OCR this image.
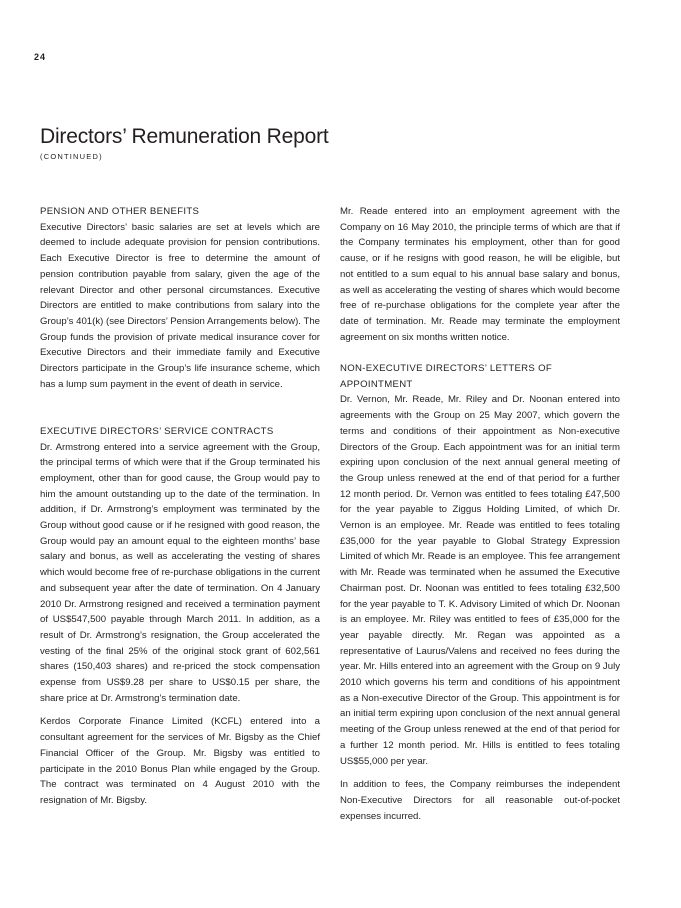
24
Directors’ Remuneration Report
(CONTINUED)
PENSION AND OTHER BENEFITS

Executive Directors’ basic salaries are set at levels which are deemed to include adequate provision for pension contributions. Each Executive Director is free to determine the amount of pension contribution payable from salary, given the age of the relevant Director and other personal circumstances. Executive Directors are entitled to make contributions from salary into the Group’s 401(k) (see Directors’ Pension Arrangements below). The Group funds the provision of private medical insurance cover for Executive Directors and their immediate family and Executive Directors participate in the Group’s life insurance scheme, which has a lump sum payment in the event of death in service.

EXECUTIVE DIRECTORS’ SERVICE CONTRACTS

Dr. Armstrong entered into a service agreement with the Group, the principal terms of which were that if the Group terminated his employment, other than for good cause, the Group would pay to him the amount outstanding up to the date of the termination. In addition, if Dr. Armstrong’s employment was terminated by the Group without good cause or if he resigned with good reason, the Group would pay an amount equal to the eighteen months’ base salary and bonus, as well as accelerating the vesting of shares which would become free of re-purchase obligations in the current and subsequent year after the date of termination. On 4 January 2010 Dr. Armstrong resigned and received a termination payment of US$547,500 payable through March 2011. In addition, as a result of Dr. Armstrong’s resignation, the Group accelerated the vesting of the final 25% of the original stock grant of 602,561 shares (150,403 shares) and re-priced the stock compensation expense from US$9.28 per share to US$0.15 per share, the share price at Dr. Armstrong’s termination date.

Kerdos Corporate Finance Limited (KCFL) entered into a consultant agreement for the services of Mr. Bigsby as the Chief Financial Officer of the Group. Mr. Bigsby was entitled to participate in the 2010 Bonus Plan while engaged by the Group. The contract was terminated on 4 August 2010 with the resignation of Mr. Bigsby.

Mr. Reade entered into an employment agreement with the Company on 16 May 2010, the principle terms of which are that if the Company terminates his employment, other than for good cause, or if he resigns with good reason, he will be eligible, but not entitled to a sum equal to his annual base salary and bonus, as well as accelerating the vesting of shares which would become free of re-purchase obligations for the complete year after the date of termination. Mr. Reade may terminate the employment agreement on six months written notice.

NON-EXECUTIVE DIRECTORS’ LETTERS OF APPOINTMENT

Dr. Vernon, Mr. Reade, Mr. Riley and Dr. Noonan entered into agreements with the Group on 25 May 2007, which govern the terms and conditions of their appointment as Non-executive Directors of the Group. Each appointment was for an initial term expiring upon conclusion of the next annual general meeting of the Group unless renewed at the end of that period for a further 12 month period. Dr. Vernon was entitled to fees totaling £47,500 for the year payable to Ziggus Holding Limited, of which Dr. Vernon is an employee. Mr. Reade was entitled to fees totaling £35,000 for the year payable to Global Strategy Expression Limited of which Mr. Reade is an employee. This fee arrangement with Mr. Reade was terminated when he assumed the Executive Chairman post. Dr. Noonan was entitled to fees totaling £32,500 for the year payable to T. K. Advisory Limited of which Dr. Noonan is an employee. Mr. Riley was entitled to fees of £35,000 for the year payable directly. Mr. Regan was appointed as a representative of Laurus/Valens and received no fees during the year. Mr. Hills entered into an agreement with the Group on 9 July 2010 which governs his term and conditions of his appointment as a Non-executive Director of the Group. This appointment is for an initial term expiring upon conclusion of the next annual general meeting of the Group unless renewed at the end of that period for a further 12 month period. Mr. Hills is entitled to fees totaling US$55,000 per year.

In addition to fees, the Company reimburses the independent Non-Executive Directors for all reasonable out-of-pocket expenses incurred.
